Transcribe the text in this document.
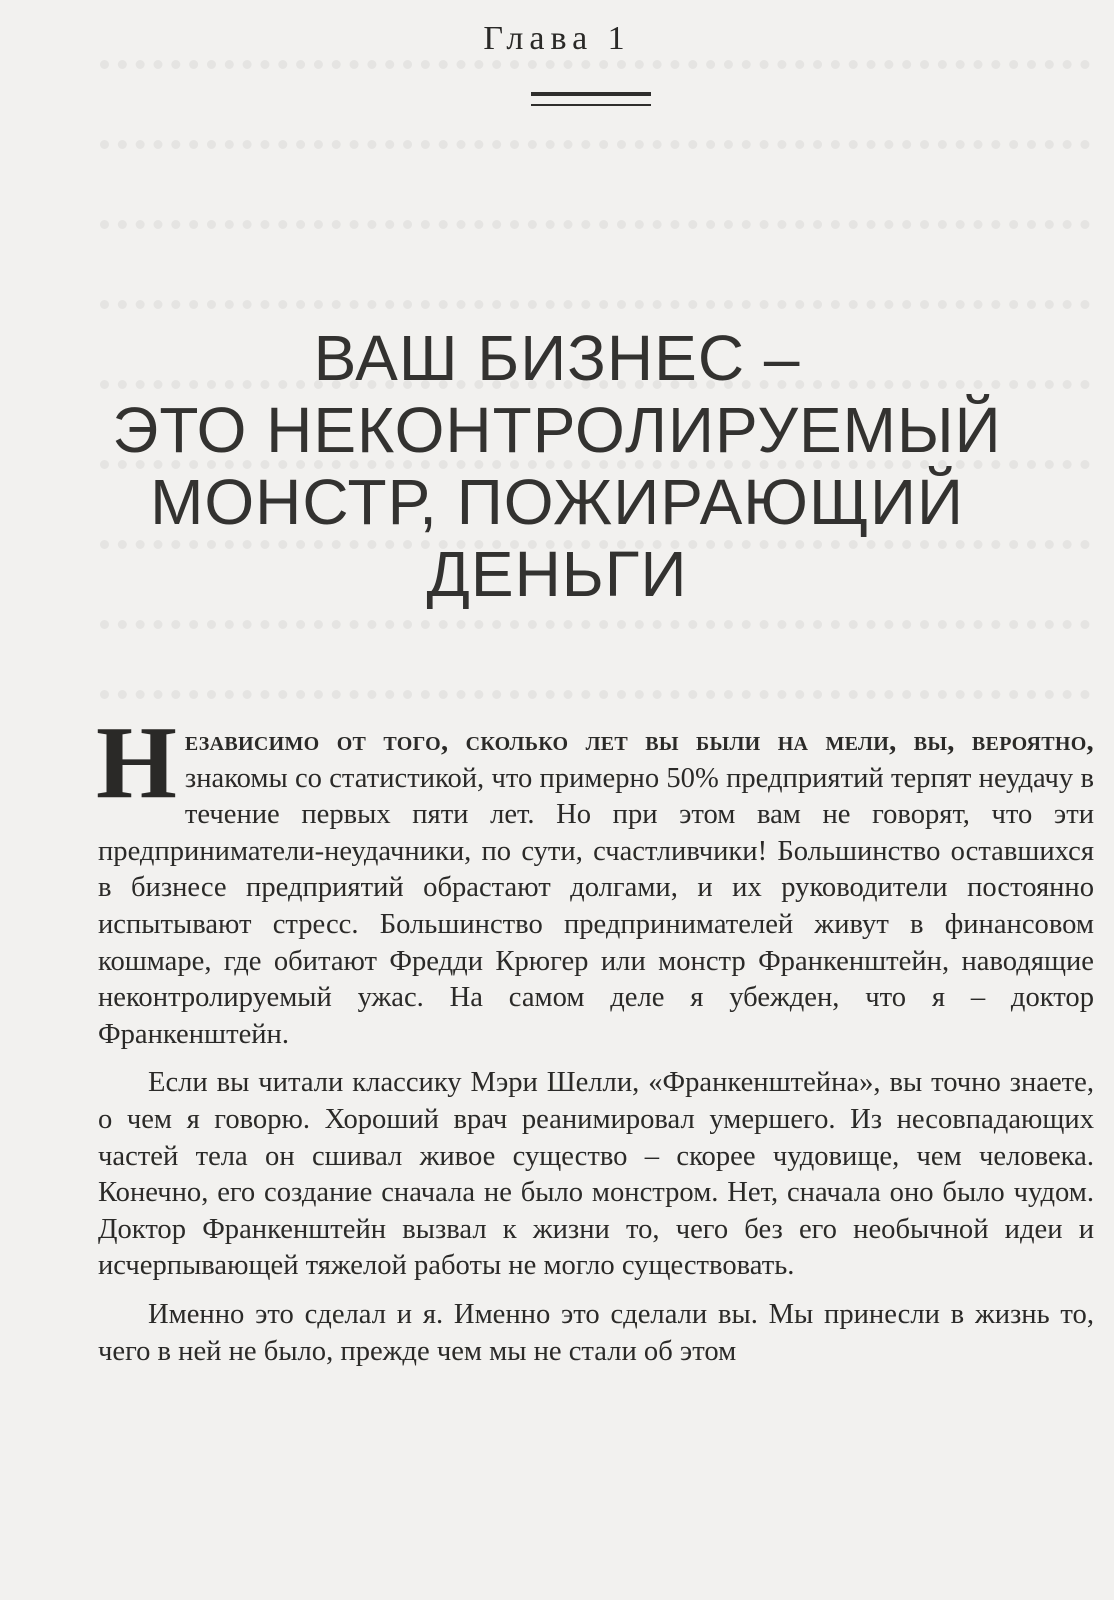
Глава 1
ВАШ БИЗНЕС –
ЭТО НЕКОНТРОЛИРУЕМЫЙ
МОНСТР, ПОЖИРАЮЩИЙ
ДЕНЬГИ

Независимо от того, сколько лет вы были на мели, вы, вероятно, знакомы со статистикой, что примерно 50% предприятий терпят неудачу в течение первых пяти лет. Но при этом вам не говорят, что эти предприниматели-неудачники, по сути, счастливчики! Большинство оставшихся в бизнесе предприятий обрастают долгами, и их руководители постоянно испытывают стресс. Большинство предпринимателей живут в финансовом кошмаре, где обитают Фредди Крюгер или монстр Франкенштейн, наводящие неконтролируемый ужас. На самом деле я убежден, что я – доктор Франкенштейн.

Если вы читали классику Мэри Шелли, «Франкенштейна», вы точно знаете, о чем я говорю. Хороший врач реанимировал умершего. Из несовпадающих частей тела он сшивал живое существо – скорее чудовище, чем человека. Конечно, его создание сначала не было монстром. Нет, сначала оно было чудом. Доктор Франкенштейн вызвал к жизни то, чего без его необычной идеи и исчерпывающей тяжелой работы не могло существовать.

Именно это сделал и я. Именно это сделали вы. Мы принесли в жизнь то, чего в ней не было, прежде чем мы не стали об этом
